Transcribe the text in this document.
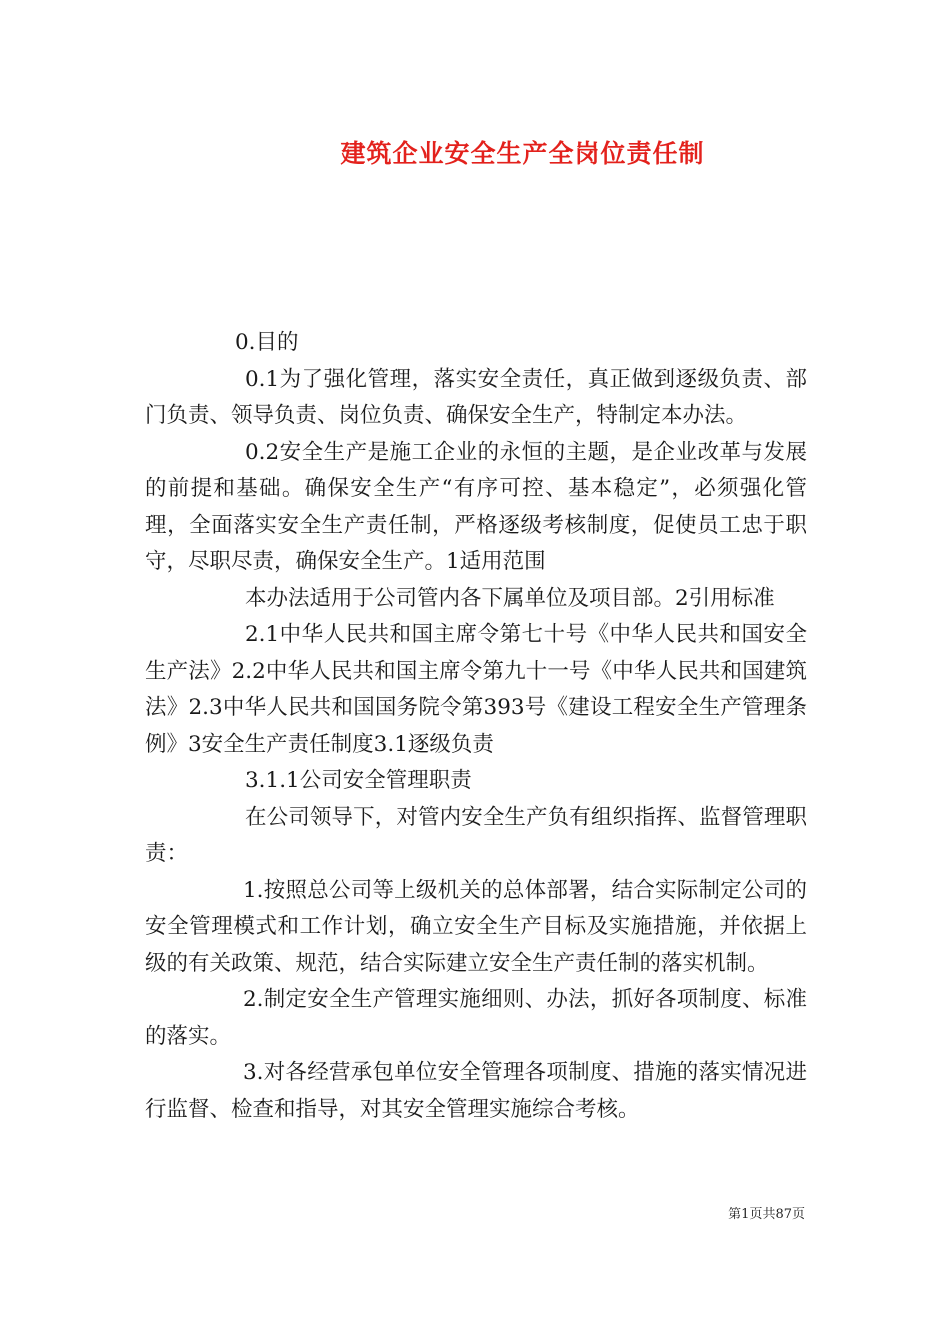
建筑企业安全生产全岗位责任制

0.目的

0.1为了强化管理，落实安全责任，真正做到逐级负责、部门负责、领导负责、岗位负责、确保安全生产，特制定本办法。

0.2安全生产是施工企业的永恒的主题，是企业改革与发展的前提和基础。确保安全生产“有序可控、基本稳定”，必须强化管理，全面落实安全生产责任制，严格逐级考核制度，促使员工忠于职守，尽职尽责，确保安全生产。1适用范围

本办法适用于公司管内各下属单位及项目部。2引用标准

2.1中华人民共和国主席令第七十号《中华人民共和国安全生产法》2.2中华人民共和国主席令第九十一号《中华人民共和国建筑法》2.3中华人民共和国国务院令第393号《建设工程安全生产管理条例》3安全生产责任制度3.1逐级负责

3.1.1公司安全管理职责

在公司领导下，对管内安全生产负有组织指挥、监督管理职责：

1.按照总公司等上级机关的总体部署，结合实际制定公司的安全管理模式和工作计划，确立安全生产目标及实施措施，并依据上级的有关政策、规范，结合实际建立安全生产责任制的落实机制。

2.制定安全生产管理实施细则、办法，抓好各项制度、标准的落实。

3.对各经营承包单位安全管理各项制度、措施的落实情况进行监督、检查和指导，对其安全管理实施综合考核。

第1页共87页
